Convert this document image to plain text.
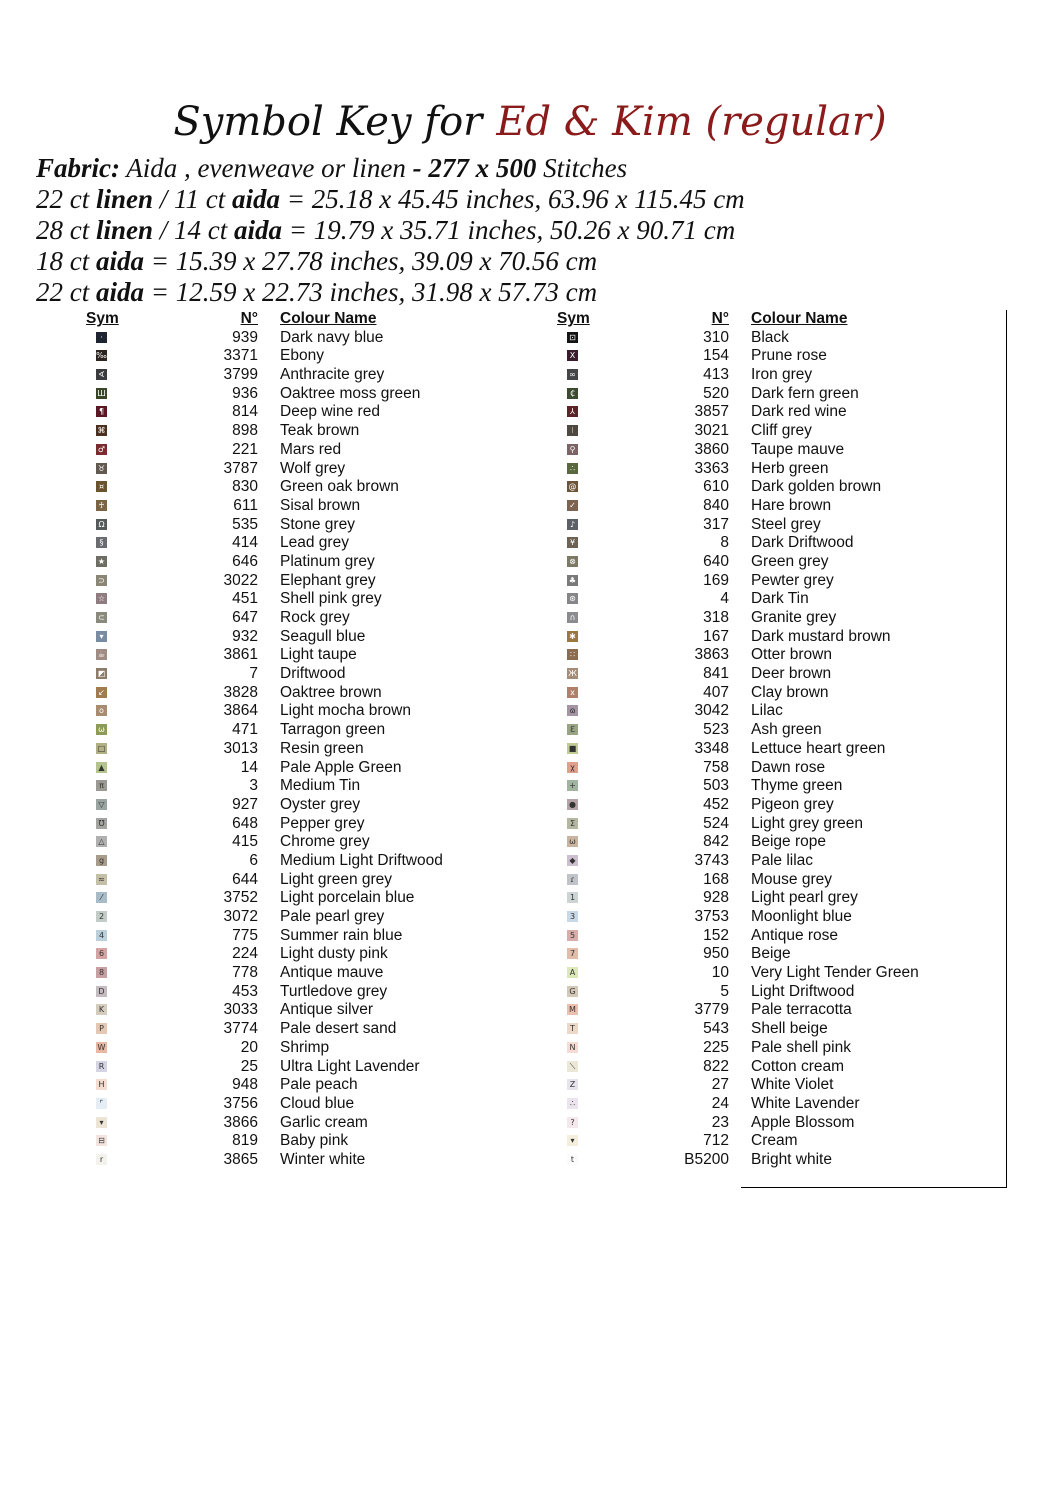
Symbol Key for Ed & Kim (regular)
Fabric: Aida , evenweave or linen - 277 x 500 Stitches
22 ct linen / 11 ct aida = 25.18 x 45.45 inches, 63.96 x 115.45 cm
28 ct linen / 14 ct aida = 19.79 x 35.71 inches, 50.26 x 90.71 cm
18 ct aida = 15.39 x 27.78 inches, 39.09 x 70.56 cm
22 ct aida = 12.59 x 22.73 inches, 31.98 x 57.73 cm
Sym	N° Colour Name
·	939 Dark navy blue
‰	3371 Ebony
∢	3799 Anthracite grey
Ш	936 Oaktree moss green
¶	814 Deep wine red
⌘	898 Teak brown
♂	221 Mars red
♉	3787 Wolf grey
¤	830 Green oak brown
♰	611 Sisal brown
Ω	535 Stone grey
§	414 Lead grey
★	646 Platinum grey
⊃	3022 Elephant grey
☆	451 Shell pink grey
⊂	647 Rock grey
▾	932 Seagull blue
☕	3861 Light taupe
◩	7 Driftwood
↙	3828 Oaktree brown
o	3864 Light mocha brown
ω	471 Tarragon green
□	3013 Resin green
▲	14 Pale Apple Green
π	3 Medium Tin
▽	927 Oyster grey
Ʊ	648 Pepper grey
△	415 Chrome grey
g	6 Medium Light Driftwood
≈	644 Light green grey
⁄	3752 Light porcelain blue
2	3072 Pale pearl grey
4	775 Summer rain blue
6	224 Light dusty pink
8	778 Antique mauve
D	453 Turtledove grey
K	3033 Antique silver
P	3774 Pale desert sand
W	20 Shrimp
R	25 Ultra Light Lavender
H	948 Pale peach
⌜	3756 Cloud blue
▾	3866 Garlic cream
⊟	819 Baby pink
r	3865 Winter white
Sym	N° Colour Name
⊡	310 Black
X	154 Prune rose
∞	413 Iron grey
₵	520 Dark fern green
⅄	3857 Dark red wine
⁝	3021 Cliff grey
⚲	3860 Taupe mauve
∴	3363 Herb green
@	610 Dark golden brown
✓	840 Hare brown
♪	317 Steel grey
¥	8 Dark Driftwood
⊗	640 Green grey
♣	169 Pewter grey
⊛	4 Dark Tin
∩	318 Granite grey
✱	167 Dark mustard brown
∷	3863 Otter brown
Ж	841 Deer brown
x	407 Clay brown
ɷ	3042 Lilac
ℇ	523 Ash green
■	3348 Lettuce heart green
χ	758 Dawn rose
+	503 Thyme green
●	452 Pigeon grey
Σ	524 Light grey green
ω	842 Beige rope
◆	3743 Pale lilac
ɾ	168 Mouse grey
1	928 Light pearl grey
3	3753 Moonlight blue
5	152 Antique rose
7	950 Beige
A	10 Very Light Tender Green
G	5 Light Driftwood
M	3779 Pale terracotta
T	543 Shell beige
N	225 Pale shell pink
⟍	822 Cotton cream
Z	27 White Violet
∴	24 White Lavender
?	23 Apple Blossom
▾	712 Cream
t	B5200 Bright white
